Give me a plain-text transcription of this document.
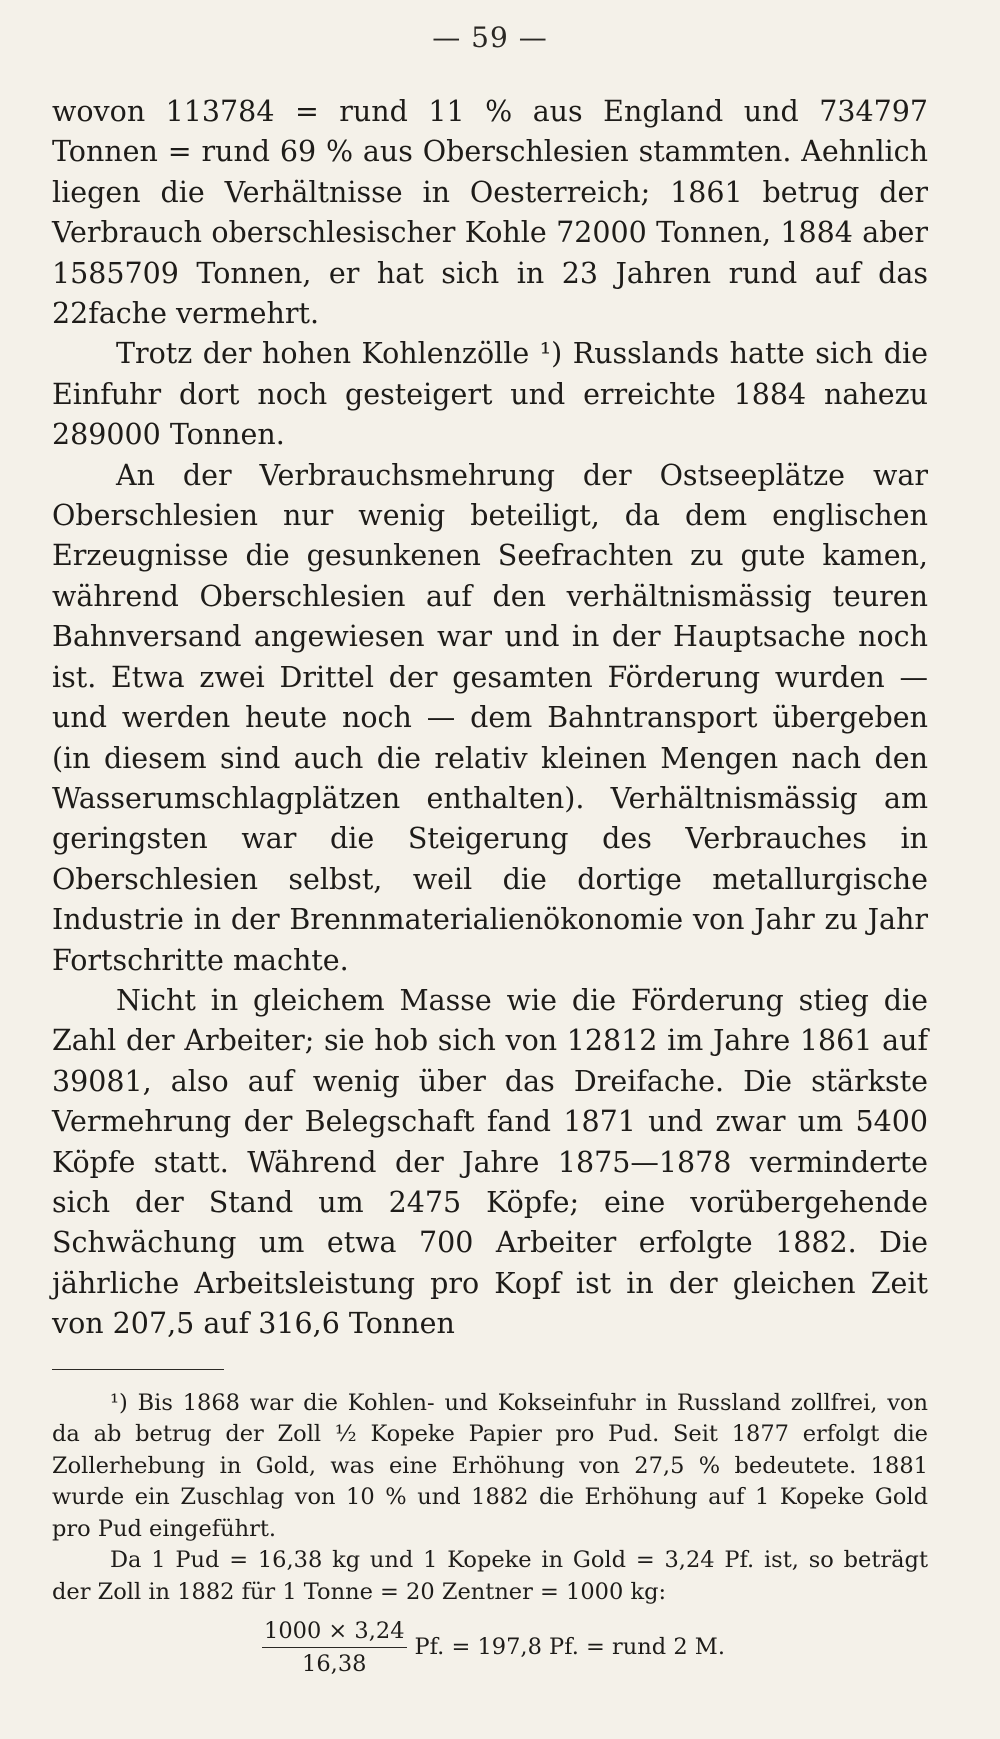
— 59 —

wovon 113784 = rund 11 % aus England und 734797 Tonnen = rund 69 % aus Oberschlesien stammten. Aehnlich liegen die Verhältnisse in Oesterreich; 1861 betrug der Verbrauch oberschlesischer Kohle 72000 Tonnen, 1884 aber 1585709 Tonnen, er hat sich in 23 Jahren rund auf das 22fache vermehrt.

Trotz der hohen Kohlenzölle ¹) Russlands hatte sich die Einfuhr dort noch gesteigert und erreichte 1884 nahezu 289000 Tonnen.

An der Verbrauchsmehrung der Ostseeplätze war Oberschlesien nur wenig beteiligt, da dem englischen Erzeugnisse die gesunkenen Seefrachten zu gute kamen, während Oberschlesien auf den verhältnismässig teuren Bahnversand angewiesen war und in der Hauptsache noch ist. Etwa zwei Drittel der gesamten Förderung wurden — und werden heute noch — dem Bahntransport übergeben (in diesem sind auch die relativ kleinen Mengen nach den Wasserumschlagplätzen enthalten). Verhältnismässig am geringsten war die Steigerung des Verbrauches in Oberschlesien selbst, weil die dortige metallurgische Industrie in der Brennmaterialienökonomie von Jahr zu Jahr Fortschritte machte.

Nicht in gleichem Masse wie die Förderung stieg die Zahl der Arbeiter; sie hob sich von 12812 im Jahre 1861 auf 39081, also auf wenig über das Dreifache. Die stärkste Vermehrung der Belegschaft fand 1871 und zwar um 5400 Köpfe statt. Während der Jahre 1875—1878 verminderte sich der Stand um 2475 Köpfe; eine vorübergehende Schwächung um etwa 700 Arbeiter erfolgte 1882. Die jährliche Arbeitsleistung pro Kopf ist in der gleichen Zeit von 207,5 auf 316,6 Tonnen

¹) Bis 1868 war die Kohlen- und Kokseinfuhr in Russland zollfrei, von da ab betrug der Zoll ½ Kopeke Papier pro Pud. Seit 1877 erfolgt die Zollerhebung in Gold, was eine Erhöhung von 27,5 % bedeutete. 1881 wurde ein Zuschlag von 10 % und 1882 die Erhöhung auf 1 Kopeke Gold pro Pud eingeführt.

Da 1 Pud = 16,38 kg und 1 Kopeke in Gold = 3,24 Pf. ist, so beträgt der Zoll in 1882 für 1 Tonne = 20 Zentner = 1000 kg:

$\frac{1000 \times 3,24}{16,38} Pf$. = 197,8 Pf. = rund 2 M.
